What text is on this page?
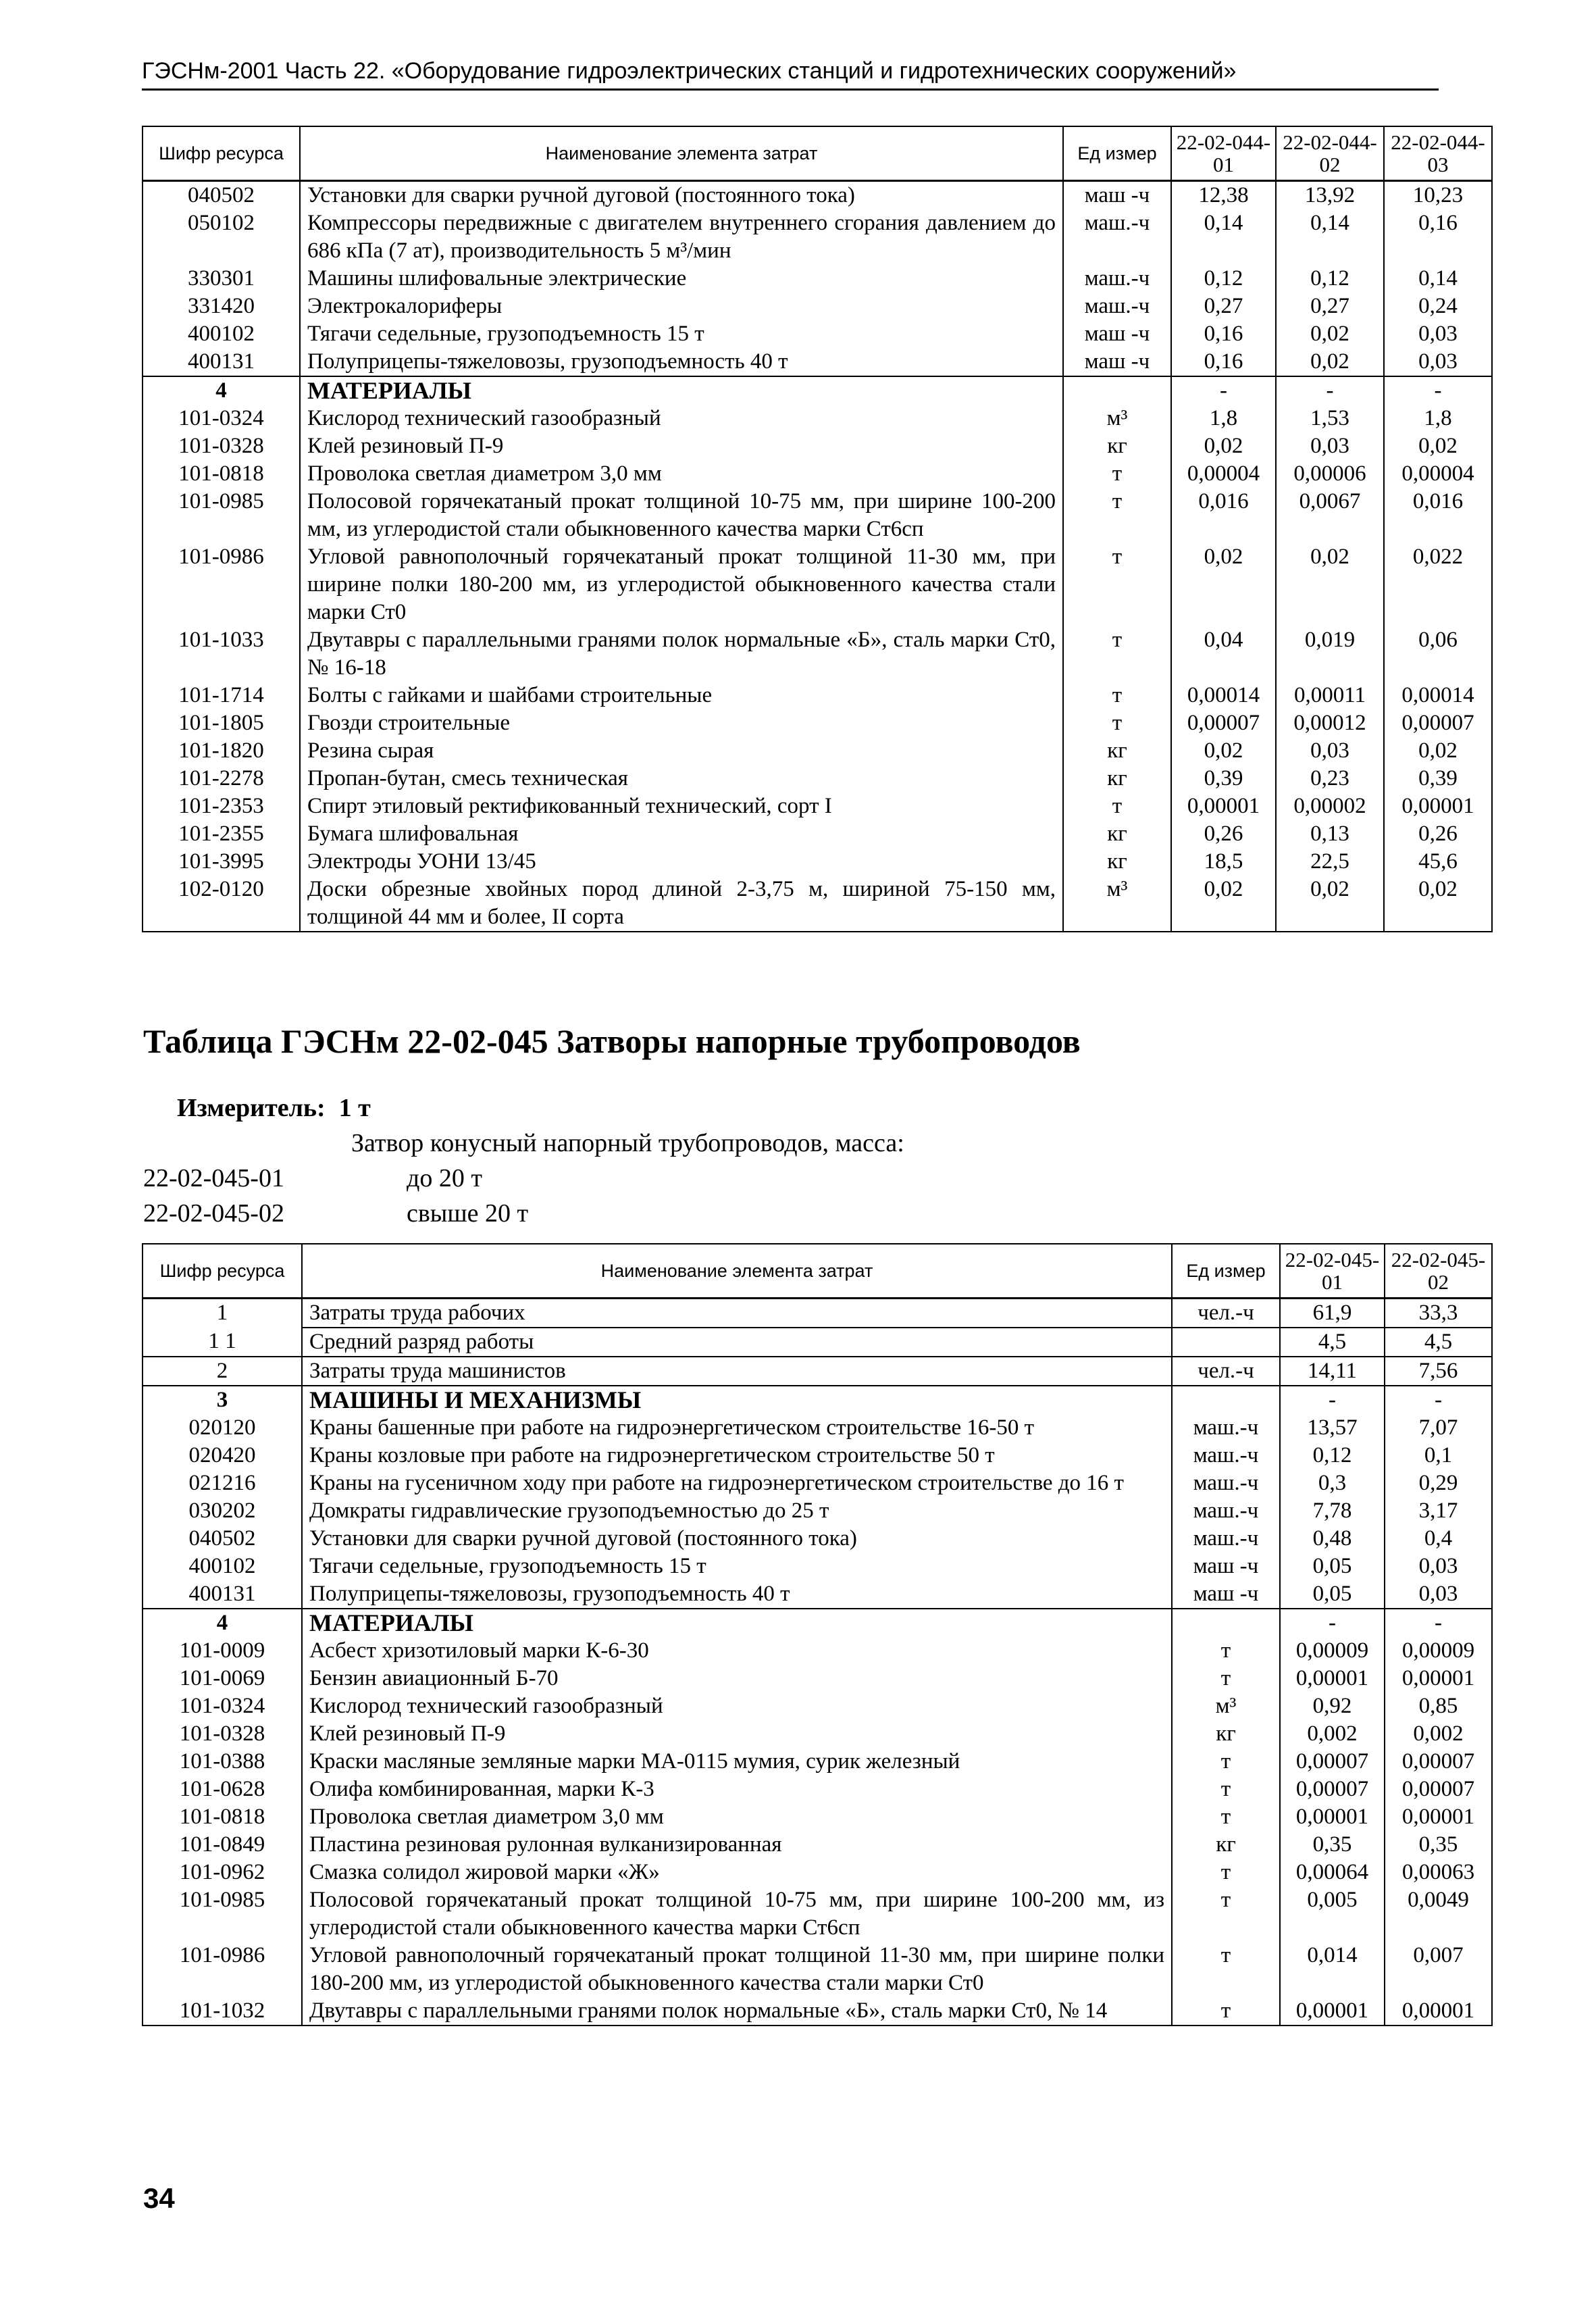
ГЭСНм-2001 Часть 22. «Оборудование гидроэлектрических станций и гидротехнических сооружений»
Шифр ресурса	Наименование элемента затрат	Ед измер	22-02-044-01	22-02-044-02	22-02-044-03
040502	Установки для сварки ручной дуговой (постоянного тока)	маш -ч	12,38	13,92	10,23
050102	Компрессоры передвижные с двигателем внутреннего сгорания давлением до 686 кПа (7 ат), производительность 5 м³/мин	маш.-ч	0,14	0,14	0,16
330301	Машины шлифовальные электрические	маш.-ч	0,12	0,12	0,14
331420	Электрокалориферы	маш.-ч	0,27	0,27	0,24
400102	Тягачи седельные, грузоподъемность 15 т	маш -ч	0,16	0,02	0,03
400131	Полуприцепы-тяжеловозы, грузоподъемность 40 т	маш -ч	0,16	0,02	0,03
4	МАТЕРИАЛЫ		-	-	-
101-0324	Кислород технический газообразный	м³	1,8	1,53	1,8
101-0328	Клей резиновый П-9	кг	0,02	0,03	0,02
101-0818	Проволока светлая диаметром 3,0 мм	т	0,00004	0,00006	0,00004
101-0985	Полосовой горячекатаный прокат толщиной 10-75 мм, при ширине 100-200 мм, из углеродистой стали обыкновенного качества марки Ст6сп	т	0,016	0,0067	0,016
101-0986	Угловой равнополочный горячекатаный прокат толщиной 11-30 мм, при ширине полки 180-200 мм, из углеродистой обыкновенного качества стали марки Ст0	т	0,02	0,02	0,022
101-1033	Двутавры с параллельными гранями полок нормальные «Б», сталь марки Ст0, № 16-18	т	0,04	0,019	0,06
101-1714	Болты с гайками и шайбами строительные	т	0,00014	0,00011	0,00014
101-1805	Гвозди строительные	т	0,00007	0,00012	0,00007
101-1820	Резина сырая	кг	0,02	0,03	0,02
101-2278	Пропан-бутан, смесь техническая	кг	0,39	0,23	0,39
101-2353	Спирт этиловый ректификованный технический, сорт I	т	0,00001	0,00002	0,00001
101-2355	Бумага шлифовальная	кг	0,26	0,13	0,26
101-3995	Электроды УОНИ 13/45	кг	18,5	22,5	45,6
102-0120	Доски обрезные хвойных пород длиной 2-3,75 м, шириной 75-150 мм, толщиной 44 мм и более, II сорта	м³	0,02	0,02	0,02
Таблица ГЭСНм 22-02-045 Затворы напорные трубопроводов
Измеритель: 1 т
Затвор конусный напорный трубопроводов, масса:
22-02-045-01	до 20 т
22-02-045-02	свыше 20 т
Шифр ресурса	Наименование элемента затрат	Ед измер	22-02-045-01	22-02-045-02
1	Затраты труда рабочих	чел.-ч	61,9	33,3
1 1	Средний разряд работы		4,5	4,5
2	Затраты труда машинистов	чел.-ч	14,11	7,56
3	МАШИНЫ И МЕХАНИЗМЫ		-	-
020120	Краны башенные при работе на гидроэнергетическом строительстве 16-50 т	маш.-ч	13,57	7,07
020420	Краны козловые при работе на гидроэнергетическом строительстве 50 т	маш.-ч	0,12	0,1
021216	Краны на гусеничном ходу при работе на гидроэнергетическом строительстве до 16 т	маш.-ч	0,3	0,29
030202	Домкраты гидравлические грузоподъемностью до 25 т	маш.-ч	7,78	3,17
040502	Установки для сварки ручной дуговой (постоянного тока)	маш.-ч	0,48	0,4
400102	Тягачи седельные, грузоподъемность 15 т	маш -ч	0,05	0,03
400131	Полуприцепы-тяжеловозы, грузоподъемность 40 т	маш -ч	0,05	0,03
4	МАТЕРИАЛЫ		-	-
101-0009	Асбест хризотиловый марки К-6-30	т	0,00009	0,00009
101-0069	Бензин авиационный Б-70	т	0,00001	0,00001
101-0324	Кислород технический газообразный	м³	0,92	0,85
101-0328	Клей резиновый П-9	кг	0,002	0,002
101-0388	Краски масляные земляные марки МА-0115 мумия, сурик железный	т	0,00007	0,00007
101-0628	Олифа комбинированная, марки К-3	т	0,00007	0,00007
101-0818	Проволока светлая диаметром 3,0 мм	т	0,00001	0,00001
101-0849	Пластина резиновая рулонная вулканизированная	кг	0,35	0,35
101-0962	Смазка солидол жировой марки «Ж»	т	0,00064	0,00063
101-0985	Полосовой горячекатаный прокат толщиной 10-75 мм, при ширине 100-200 мм, из углеродистой стали обыкновенного качества марки Ст6сп	т	0,005	0,0049
101-0986	Угловой равнополочный горячекатаный прокат толщиной 11-30 мм, при ширине полки 180-200 мм, из углеродистой обыкновенного качества стали марки Ст0	т	0,014	0,007
101-1032	Двутавры с параллельными гранями полок нормальные «Б», сталь марки Ст0, № 14	т	0,00001	0,00001
34
